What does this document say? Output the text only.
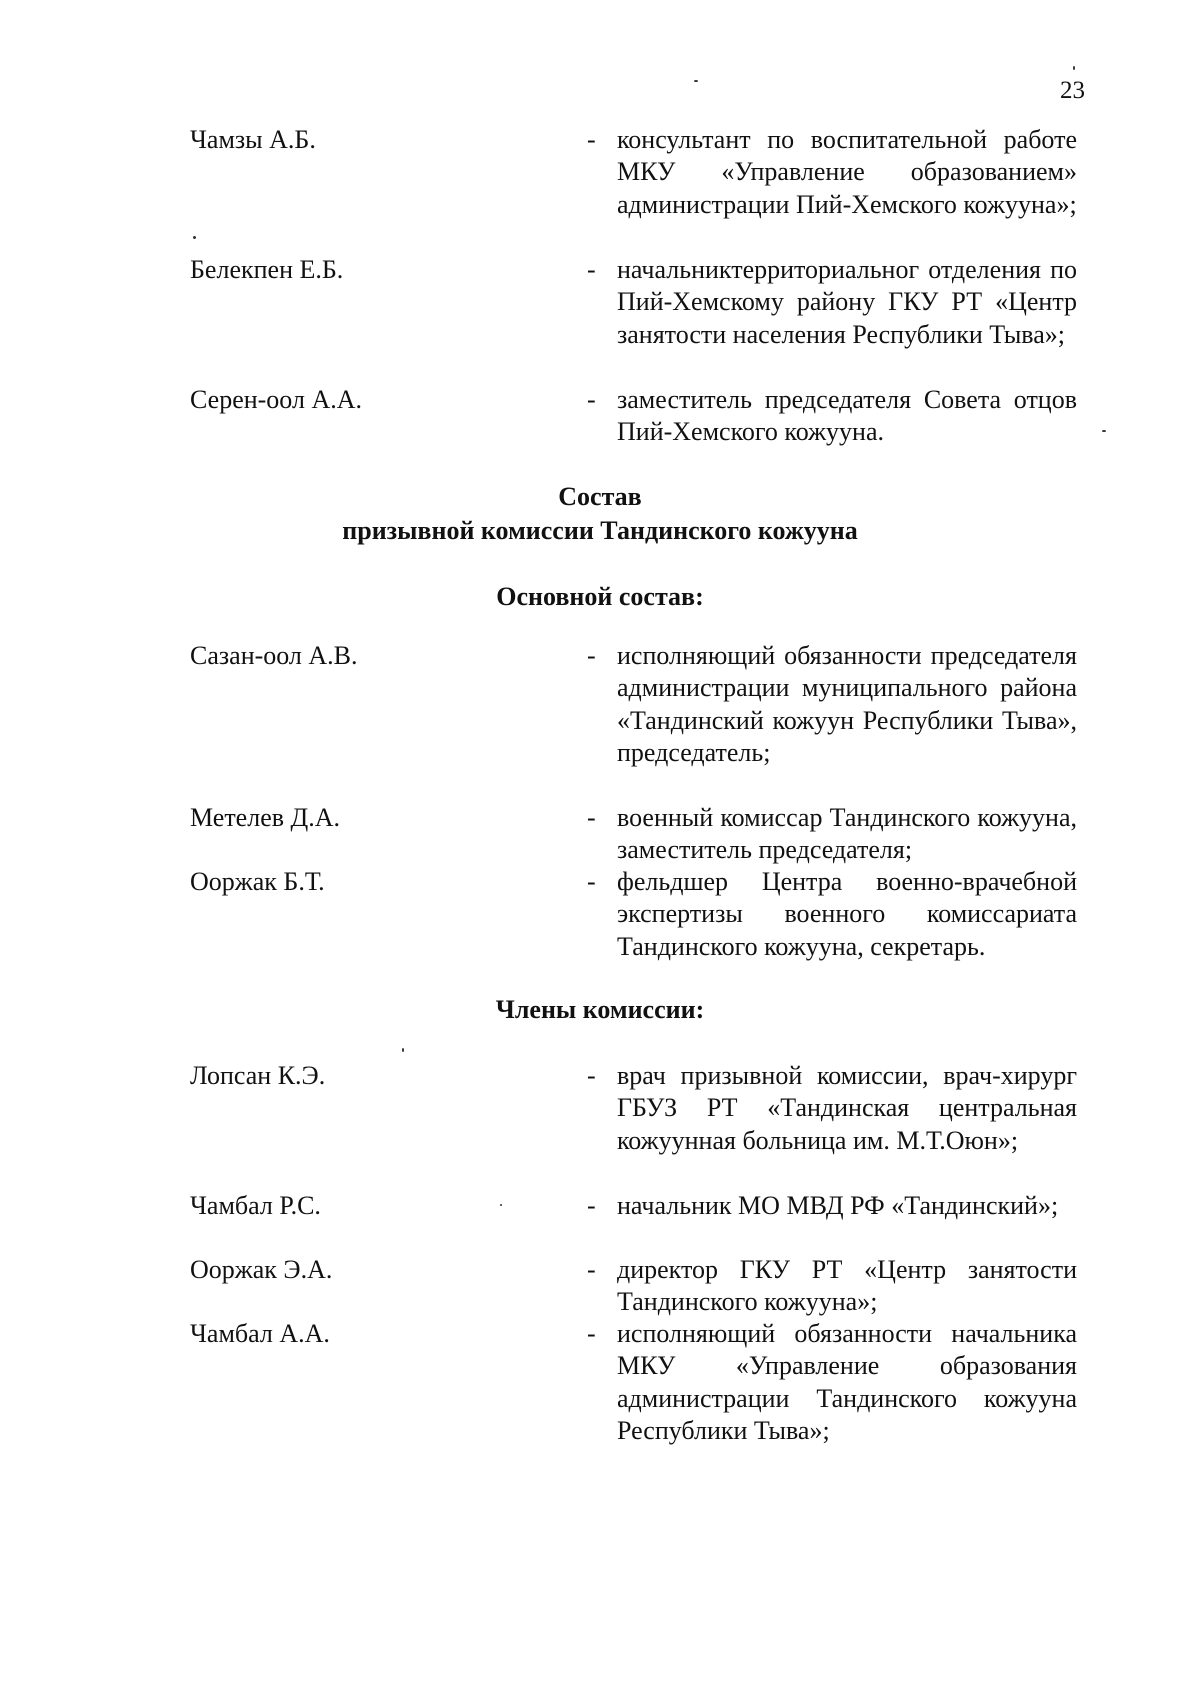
23
Чамзы А.Б.	- консультант по воспитательной работе МКУ «Управление образованием» администрации Пий-Хемского кожууна»;
Белекпен Е.Б.	- начальниктерриториальног отделения по Пий-Хемскому району ГКУ РТ «Центр занятости населения Республики Тыва»;
Серен-оол А.А.	- заместитель председателя Совета отцов Пий-Хемского кожууна.
Состав
призывной комиссии Тандинского кожууна
Основной состав:
Сазан-оол А.В.	- исполняющий обязанности председателя администрации муниципального района «Тандинский кожуун Республики Тыва», председатель;
Метелев Д.А.	- военный комиссар Тандинского кожууна, заместитель председателя;
Ооржак Б.Т.	- фельдшер Центра военно-врачебной экспертизы военного комиссариата Тандинского кожууна, секретарь.
Члены комиссии:
Лопсан К.Э.	- врач призывной комиссии, врач-хирург ГБУЗ РТ «Тандинская центральная кожуунная больница им. М.Т.Оюн»;
Чамбал Р.С.	- начальник МО МВД РФ «Тандинский»;
Ооржак Э.А.	- директор ГКУ РТ «Центр занятости Тандинского кожууна»;
Чамбал А.А.	- исполняющий обязанности начальника МКУ «Управление образования администрации Тандинского кожууна Республики Тыва»;
